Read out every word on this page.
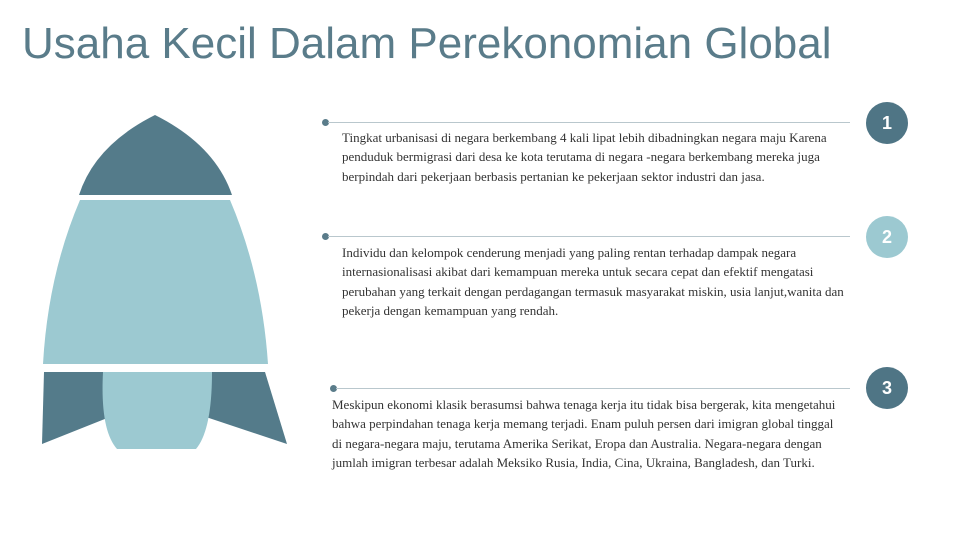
Usaha Kecil Dalam Perekonomian Global
Tingkat urbanisasi di negara berkembang 4 kali lipat lebih dibadningkan negara maju Karena penduduk bermigrasi dari desa ke kota terutama di negara -negara berkembang mereka juga berpindah dari pekerjaan berbasis pertanian ke pekerjaan sektor industri dan jasa.
1
Individu dan kelompok cenderung menjadi yang paling rentan terhadap dampak negara internasionalisasi akibat dari kemampuan mereka untuk secara cepat dan efektif mengatasi perubahan yang terkait dengan perdagangan termasuk masyarakat miskin, usia lanjut,wanita dan pekerja dengan kemampuan yang rendah.
2
Meskipun ekonomi klasik berasumsi bahwa tenaga kerja itu tidak bisa bergerak, kita mengetahui bahwa perpindahan tenaga kerja memang terjadi. Enam puluh persen dari imigran global tinggal di negara-negara maju, terutama Amerika Serikat, Eropa dan Australia. Negara-negara dengan jumlah imigran terbesar adalah Meksiko Rusia, India, Cina, Ukraina, Bangladesh, dan Turki.
3
